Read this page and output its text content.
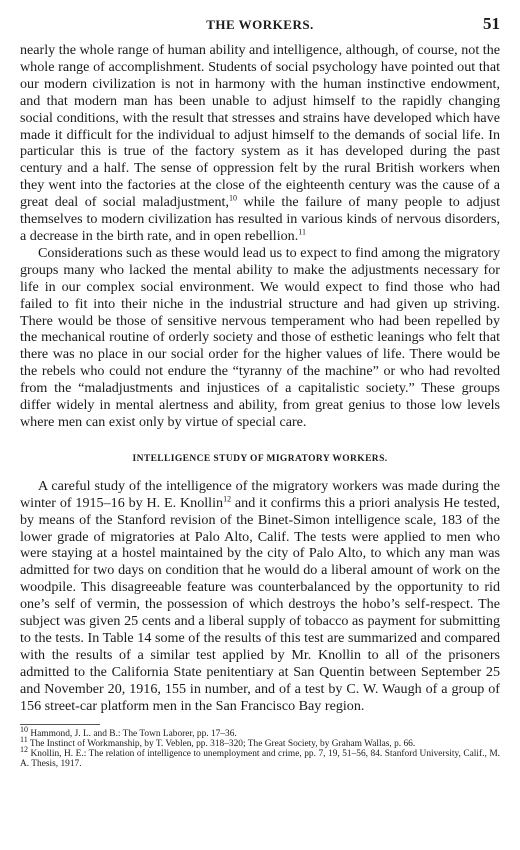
THE WORKERS.	51

nearly the whole range of human ability and intelligence, although, of course, not the whole range of accomplishment. Students of social psychology have pointed out that our modern civilization is not in harmony with the human instinctive endowment, and that modern man has been unable to adjust himself to the rapidly changing social conditions, with the result that stresses and strains have developed which have made it difficult for the individual to adjust himself to the demands of social life. In particular this is true of the factory system as it has developed during the past century and a half. The sense of oppression felt by the rural British workers when they went into the factories at the close of the eighteenth century was the cause of a great deal of social maladjustment,$^{10}$ while the failure of many people to adjust themselves to modern civilization has resulted in various kinds of nervous disorders, a decrease in the birth rate, and in open rebellion.$^{11}$

Considerations such as these would lead us to expect to find among the migratory groups many who lacked the mental ability to make the adjustments necessary for life in our complex social environment. We would expect to find those who had failed to fit into their niche in the industrial structure and had given up striving. There would be those of sensitive nervous temperament who had been repelled by the mechanical routine of orderly society and those of esthetic leanings who felt that there was no place in our social order for the higher values of life. There would be the rebels who could not endure the “tyranny of the machine” or who had revolted from the “maladjustments and injustices of a capitalistic society.” These groups differ widely in mental alertness and ability, from great genius to those low levels where men can exist only by virtue of special care.

INTELLIGENCE STUDY OF MIGRATORY WORKERS.

A careful study of the intelligence of the migratory workers was made during the winter of 1915–16 by H. E. Knollin$^{12}$ and it confirms this a priori analysis He tested, by means of the Stanford revision of the Binet-Simon intelligence scale, 183 of the lower grade of migratories at Palo Alto, Calif. The tests were applied to men who were staying at a hostel maintained by the city of Palo Alto, to which any man was admitted for two days on condition that he would do a liberal amount of work on the woodpile. This disagreeable feature was counterbalanced by the opportunity to rid one’s self of vermin, the possession of which destroys the hobo’s self-respect. The subject was given 25 cents and a liberal supply of tobacco as payment for submitting to the tests. In Table 14 some of the results of this test are summarized and compared with the results of a similar test applied by Mr. Knollin to all of the prisoners admitted to the California State penitentiary at San Quentin between September 25 and November 20, 1916, 155 in number, and of a test by C. W. Waugh of a group of 156 street-car platform men in the San Francisco Bay region.

$^{10}$ Hammond, J. L. and B.: The Town Laborer, pp. 17–36.

$^{11}$ The Instinct of Workmanship, by T. Veblen, pp. 318–320; The Great Society, by Graham Wallas, p. 66.

$^{12}$ Knollin, H. E.: The relation of intelligence to unemployment and crime, pp. 7, 19, 51–56, 84. Stanford University, Calif., M. A. Thesis, 1917.
